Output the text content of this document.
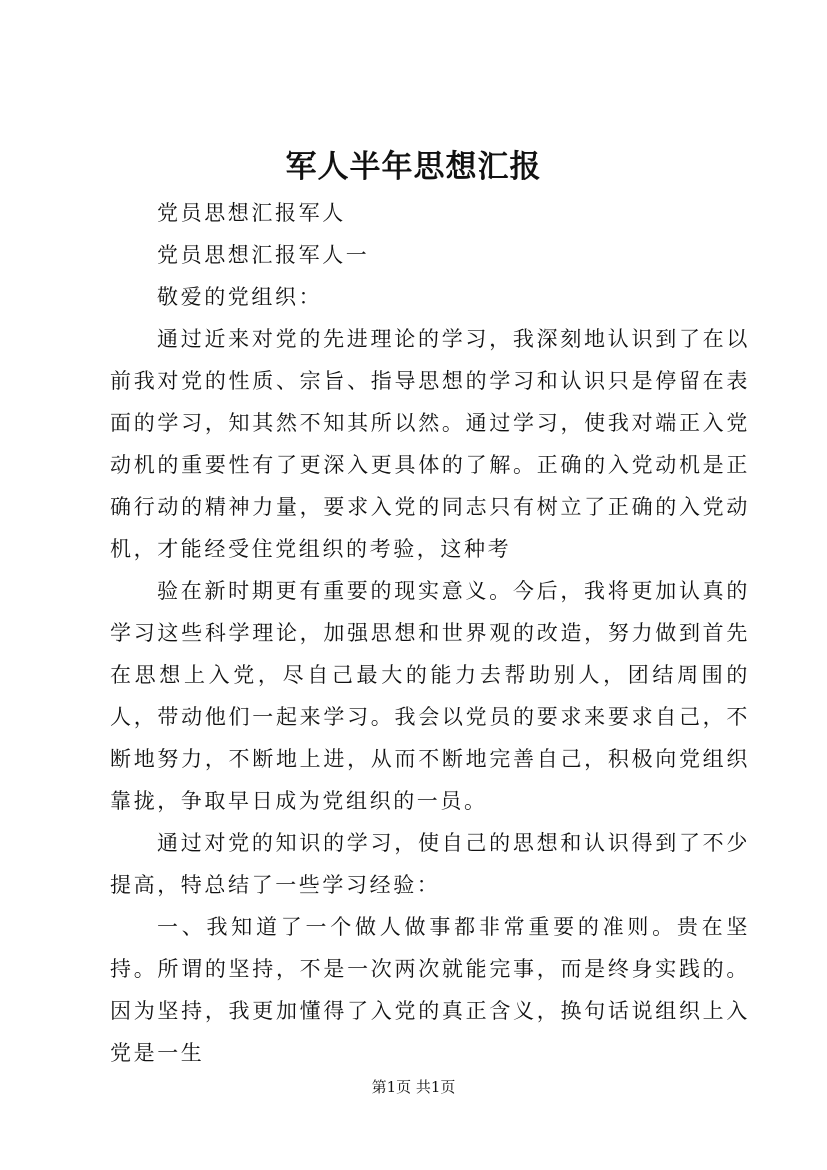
军人半年思想汇报

党员思想汇报军人

党员思想汇报军人一

敬爱的党组织：

通过近来对党的先进理论的学习，我深刻地认识到了在以前我对党的性质、宗旨、指导思想的学习和认识只是停留在表面的学习，知其然不知其所以然。通过学习，使我对端正入党动机的重要性有了更深入更具体的了解。正确的入党动机是正确行动的精神力量，要求入党的同志只有树立了正确的入党动机，才能经受住党组织的考验，这种考

验在新时期更有重要的现实意义。今后，我将更加认真的学习这些科学理论，加强思想和世界观的改造，努力做到首先在思想上入党，尽自己最大的能力去帮助别人，团结周围的人，带动他们一起来学习。我会以党员的要求来要求自己，不断地努力，不断地上进，从而不断地完善自己，积极向党组织靠拢，争取早日成为党组织的一员。

通过对党的知识的学习，使自己的思想和认识得到了不少提高，特总结了一些学习经验：

一、我知道了一个做人做事都非常重要的准则。贵在坚持。所谓的坚持，不是一次两次就能完事，而是终身实践的。因为坚持，我更加懂得了入党的真正含义，换句话说组织上入党是一生

第1页 共1页
